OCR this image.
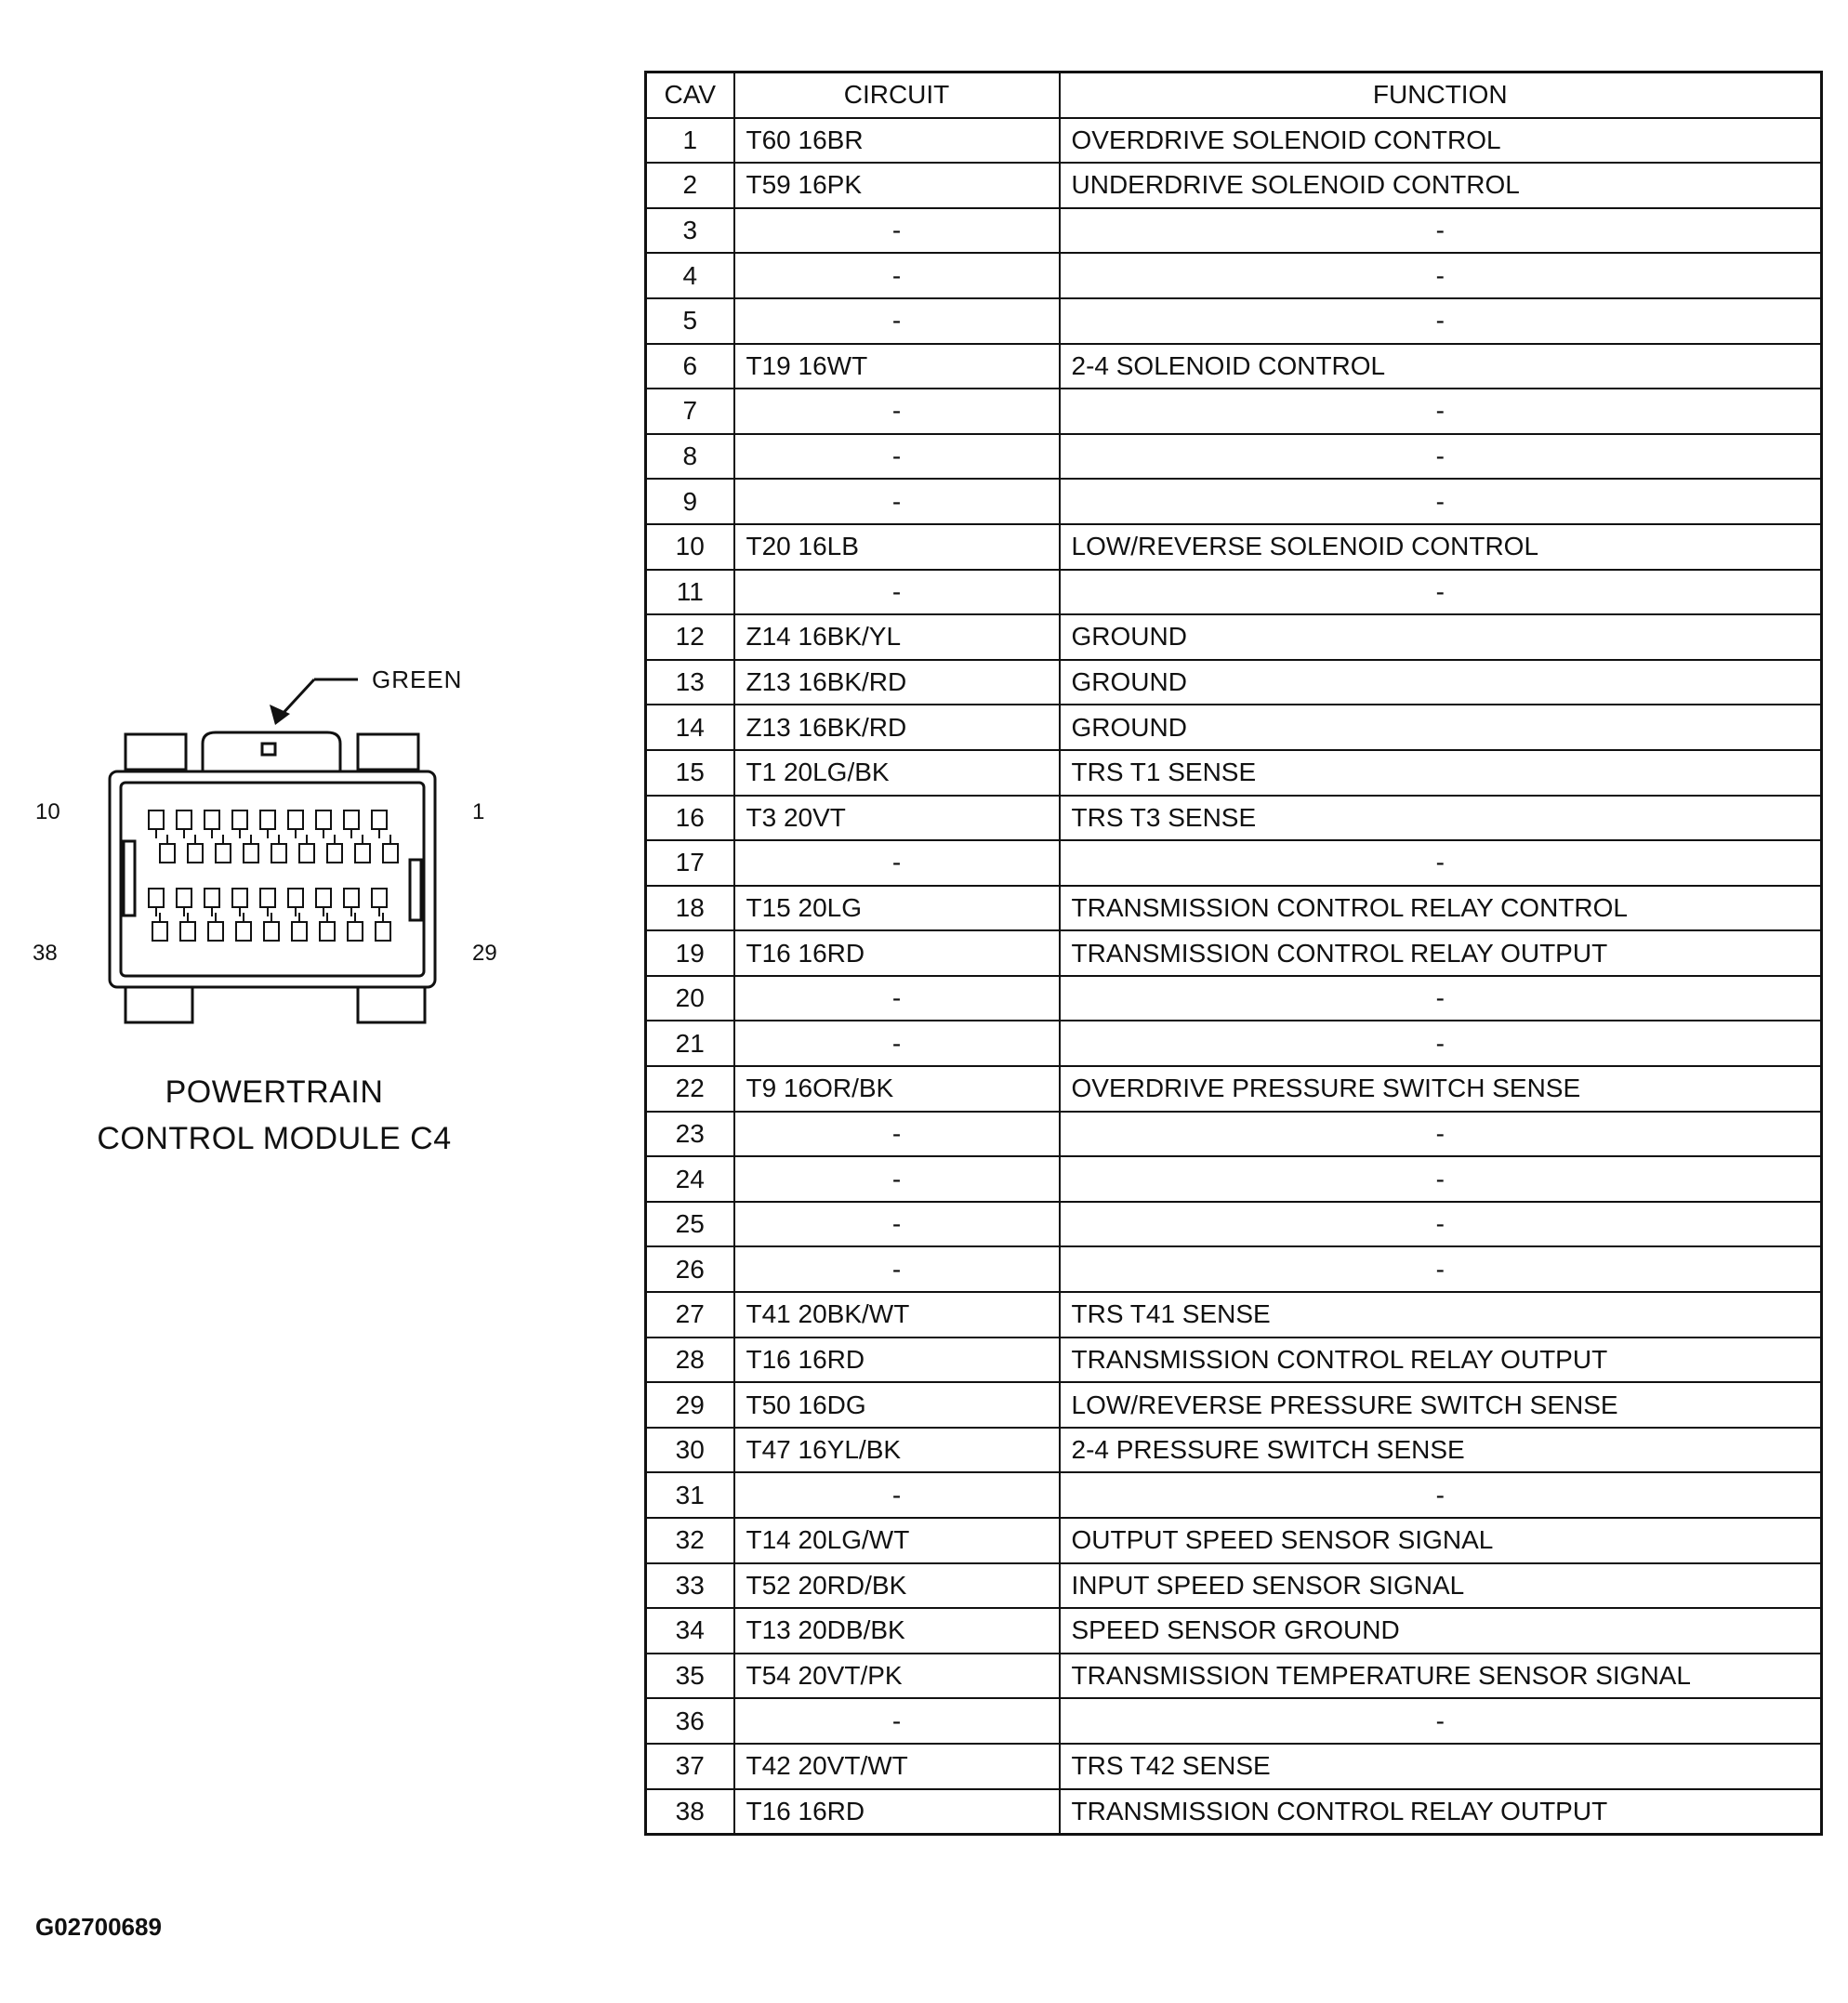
GREEN
10	1
38	29
POWERTRAIN
CONTROL MODULE C4
G02700689
CAV	CIRCUIT	FUNCTION
1	T60 16BR	OVERDRIVE SOLENOID CONTROL
2	T59 16PK	UNDERDRIVE SOLENOID CONTROL
3	-	-
4	-	-
5	-	-
6	T19 16WT	2-4 SOLENOID CONTROL
7	-	-
8	-	-
9	-	-
10	T20 16LB	LOW/REVERSE SOLENOID CONTROL
11	-	-
12	Z14 16BK/YL	GROUND
13	Z13 16BK/RD	GROUND
14	Z13 16BK/RD	GROUND
15	T1 20LG/BK	TRS T1 SENSE
16	T3 20VT	TRS T3 SENSE
17	-	-
18	T15 20LG	TRANSMISSION CONTROL RELAY CONTROL
19	T16 16RD	TRANSMISSION CONTROL RELAY OUTPUT
20	-	-
21	-	-
22	T9 16OR/BK	OVERDRIVE PRESSURE SWITCH SENSE
23	-	-
24	-	-
25	-	-
26	-	-
27	T41 20BK/WT	TRS T41 SENSE
28	T16 16RD	TRANSMISSION CONTROL RELAY OUTPUT
29	T50 16DG	LOW/REVERSE PRESSURE SWITCH SENSE
30	T47 16YL/BK	2-4 PRESSURE SWITCH SENSE
31	-	-
32	T14 20LG/WT	OUTPUT SPEED SENSOR SIGNAL
33	T52 20RD/BK	INPUT SPEED SENSOR SIGNAL
34	T13 20DB/BK	SPEED SENSOR GROUND
35	T54 20VT/PK	TRANSMISSION TEMPERATURE SENSOR SIGNAL
36	-	-
37	T42 20VT/WT	TRS T42 SENSE
38	T16 16RD	TRANSMISSION CONTROL RELAY OUTPUT
